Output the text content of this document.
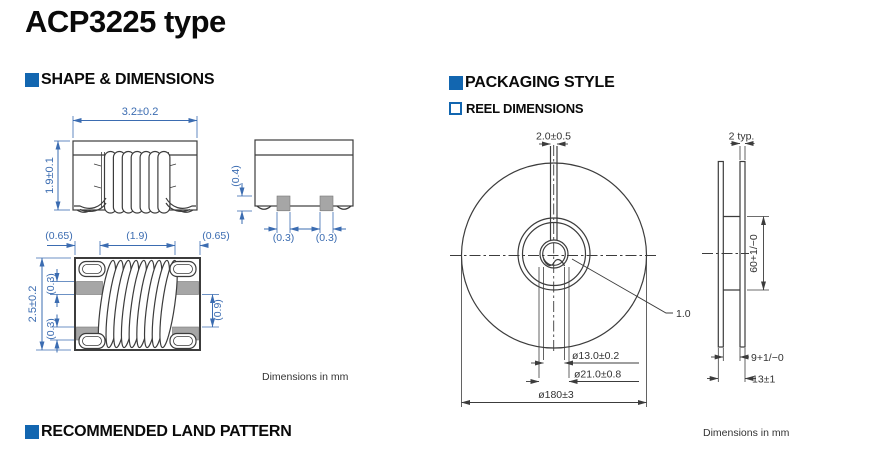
ACP3225 type
SHAPE & DIMENSIONS	PACKAGING STYLE
REEL DIMENSIONS
RECOMMENDED LAND PATTERN
3.2±0.2
1.9±0.1	(0.4)
(0.3) (0.3)
(0.65)	(1.9)	(0.65)
2.5±0.2
(0.3)
(0.3)
(0.9)
Dimensions in mm
2.0±0.5
ø13.0±0.2
ø21.0±0.8
ø180±3
1.0
2 typ.
60+1/−0
9+1/−0
13±1
Dimensions in mm
